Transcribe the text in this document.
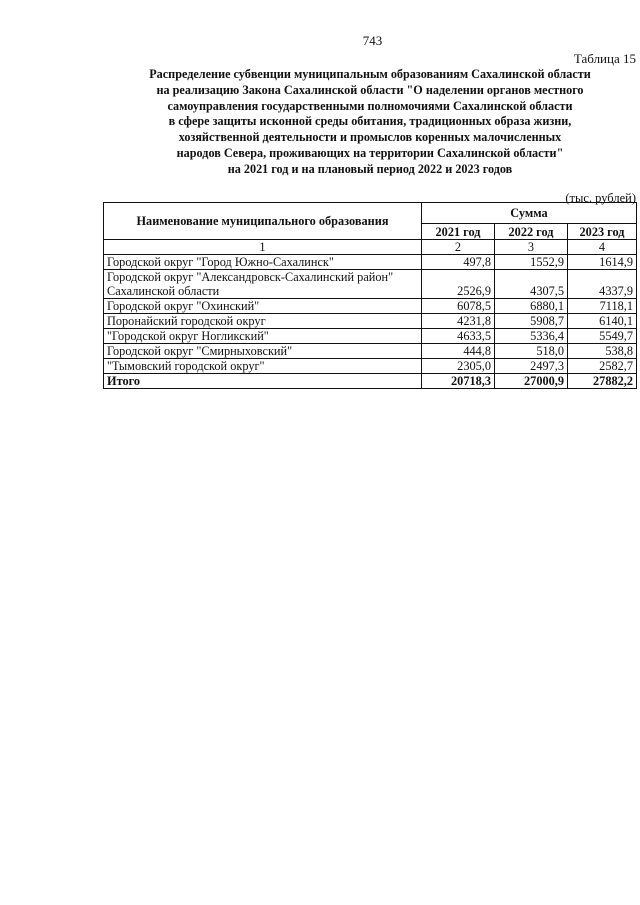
743
Таблица 15
Распределение субвенции муниципальным образованиям Сахалинской области
на реализацию Закона Сахалинской области "О наделении органов местного
самоуправления государственными полномочиями Сахалинской области
в сфере защиты исконной среды обитания, традиционных образа жизни,
хозяйственной деятельности и промыслов коренных малочисленных
народов Севера, проживающих на территории Сахалинской области"
на 2021 год и на плановый период 2022 и 2023 годов
(тыс. рублей)
Наименование муниципального образования	Сумма		
	2021 год	2022 год	2023 год
1	2	3	4
Городской округ "Город Южно-Сахалинск"	497,8	1552,9	1614,9
Городской округ "Александровск-Сахалинский район" Сахалинской области	2526,9	4307,5	4337,9
Городской округ "Охинский"	6078,5	6880,1	7118,1
Поронайский городской округ	4231,8	5908,7	6140,1
"Городской округ Ногликский"	4633,5	5336,4	5549,7
Городской округ "Смирныховский"	444,8	518,0	538,8
"Тымовский городской округ"	2305,0	2497,3	2582,7
Итого	20718,3	27000,9	27882,2
